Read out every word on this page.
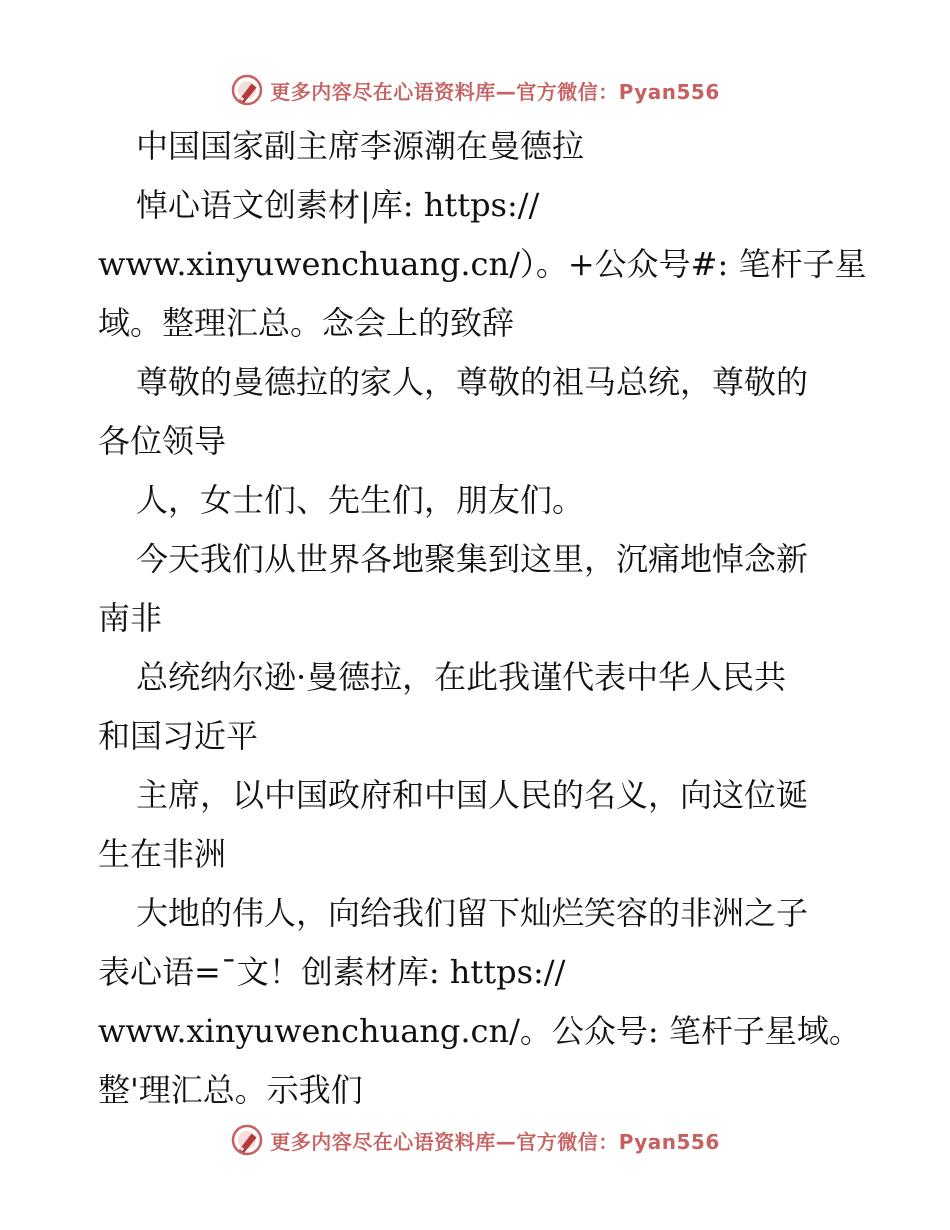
更多内容尽在心语资料库—官方微信：Pyan556
中国国家副主席李源潮在曼德拉
悼心语文创素材|库: https://
www.xinyuwenchuang.cn/）。+公众号#: 笔杆子星
域。整理汇总。念会上的致辞
尊敬的曼德拉的家人，尊敬的祖马总统，尊敬的
各位领导
人，女士们、先生们，朋友们。
今天我们从世界各地聚集到这里，沉痛地悼念新
南非
总统纳尔逊·曼德拉，在此我谨代表中华人民共
和国习近平
主席，以中国政府和中国人民的名义，向这位诞
生在非洲
大地的伟人，向给我们留下灿烂笑容的非洲之子
表心语=¯文！创素材库: https://
www.xinyuwenchuang.cn/。公众号: 笔杆子星域。
整'理汇总。示我们
更多内容尽在心语资料库—官方微信：Pyan556
